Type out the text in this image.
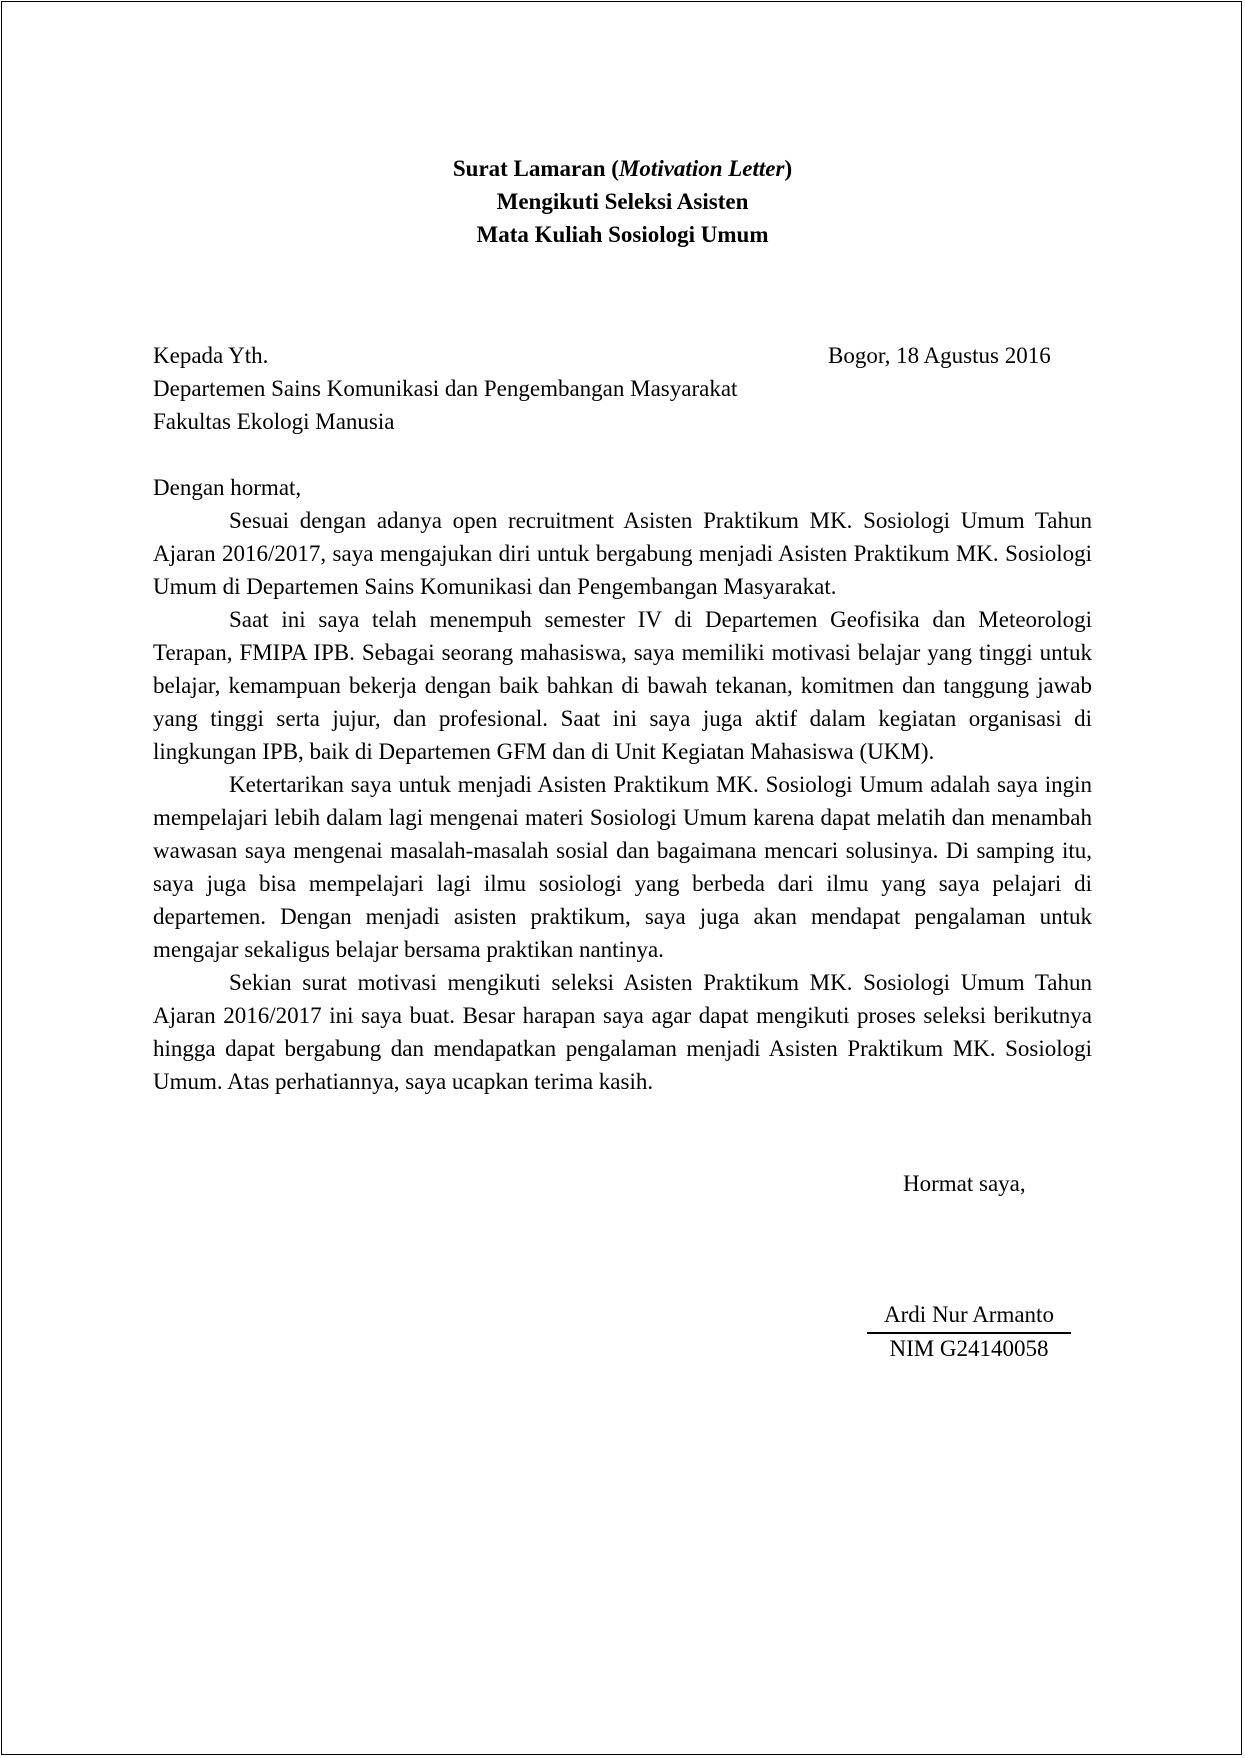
Surat Lamaran (Motivation Letter)
Mengikuti Seleksi Asisten
Mata Kuliah Sosiologi Umum
Kepada Yth.	Bogor, 18 Agustus 2016
Departemen Sains Komunikasi dan Pengembangan Masyarakat
Fakultas Ekologi Manusia
Dengan hormat,

Sesuai dengan adanya open recruitment Asisten Praktikum MK. Sosiologi Umum Tahun Ajaran 2016/2017, saya mengajukan diri untuk bergabung menjadi Asisten Praktikum MK. Sosiologi Umum di Departemen Sains Komunikasi dan Pengembangan Masyarakat.

Saat ini saya telah menempuh semester IV di Departemen Geofisika dan Meteorologi Terapan, FMIPA IPB. Sebagai seorang mahasiswa, saya memiliki motivasi belajar yang tinggi untuk belajar, kemampuan bekerja dengan baik bahkan di bawah tekanan, komitmen dan tanggung jawab yang tinggi serta jujur, dan profesional. Saat ini saya juga aktif dalam kegiatan organisasi di lingkungan IPB, baik di Departemen GFM dan di Unit Kegiatan Mahasiswa (UKM).

Ketertarikan saya untuk menjadi Asisten Praktikum MK. Sosiologi Umum adalah saya ingin mempelajari lebih dalam lagi mengenai materi Sosiologi Umum karena dapat melatih dan menambah wawasan saya mengenai masalah-masalah sosial dan bagaimana mencari solusinya. Di samping itu, saya juga bisa mempelajari lagi ilmu sosiologi yang berbeda dari ilmu yang saya pelajari di departemen. Dengan menjadi asisten praktikum, saya juga akan mendapat pengalaman untuk mengajar sekaligus belajar bersama praktikan nantinya.

Sekian surat motivasi mengikuti seleksi Asisten Praktikum MK. Sosiologi Umum Tahun Ajaran 2016/2017 ini saya buat. Besar harapan saya agar dapat mengikuti proses seleksi berikutnya hingga dapat bergabung dan mendapatkan pengalaman menjadi Asisten Praktikum MK. Sosiologi Umum. Atas perhatiannya, saya ucapkan terima kasih.

Hormat saya,
Ardi Nur Armanto
NIM G24140058
